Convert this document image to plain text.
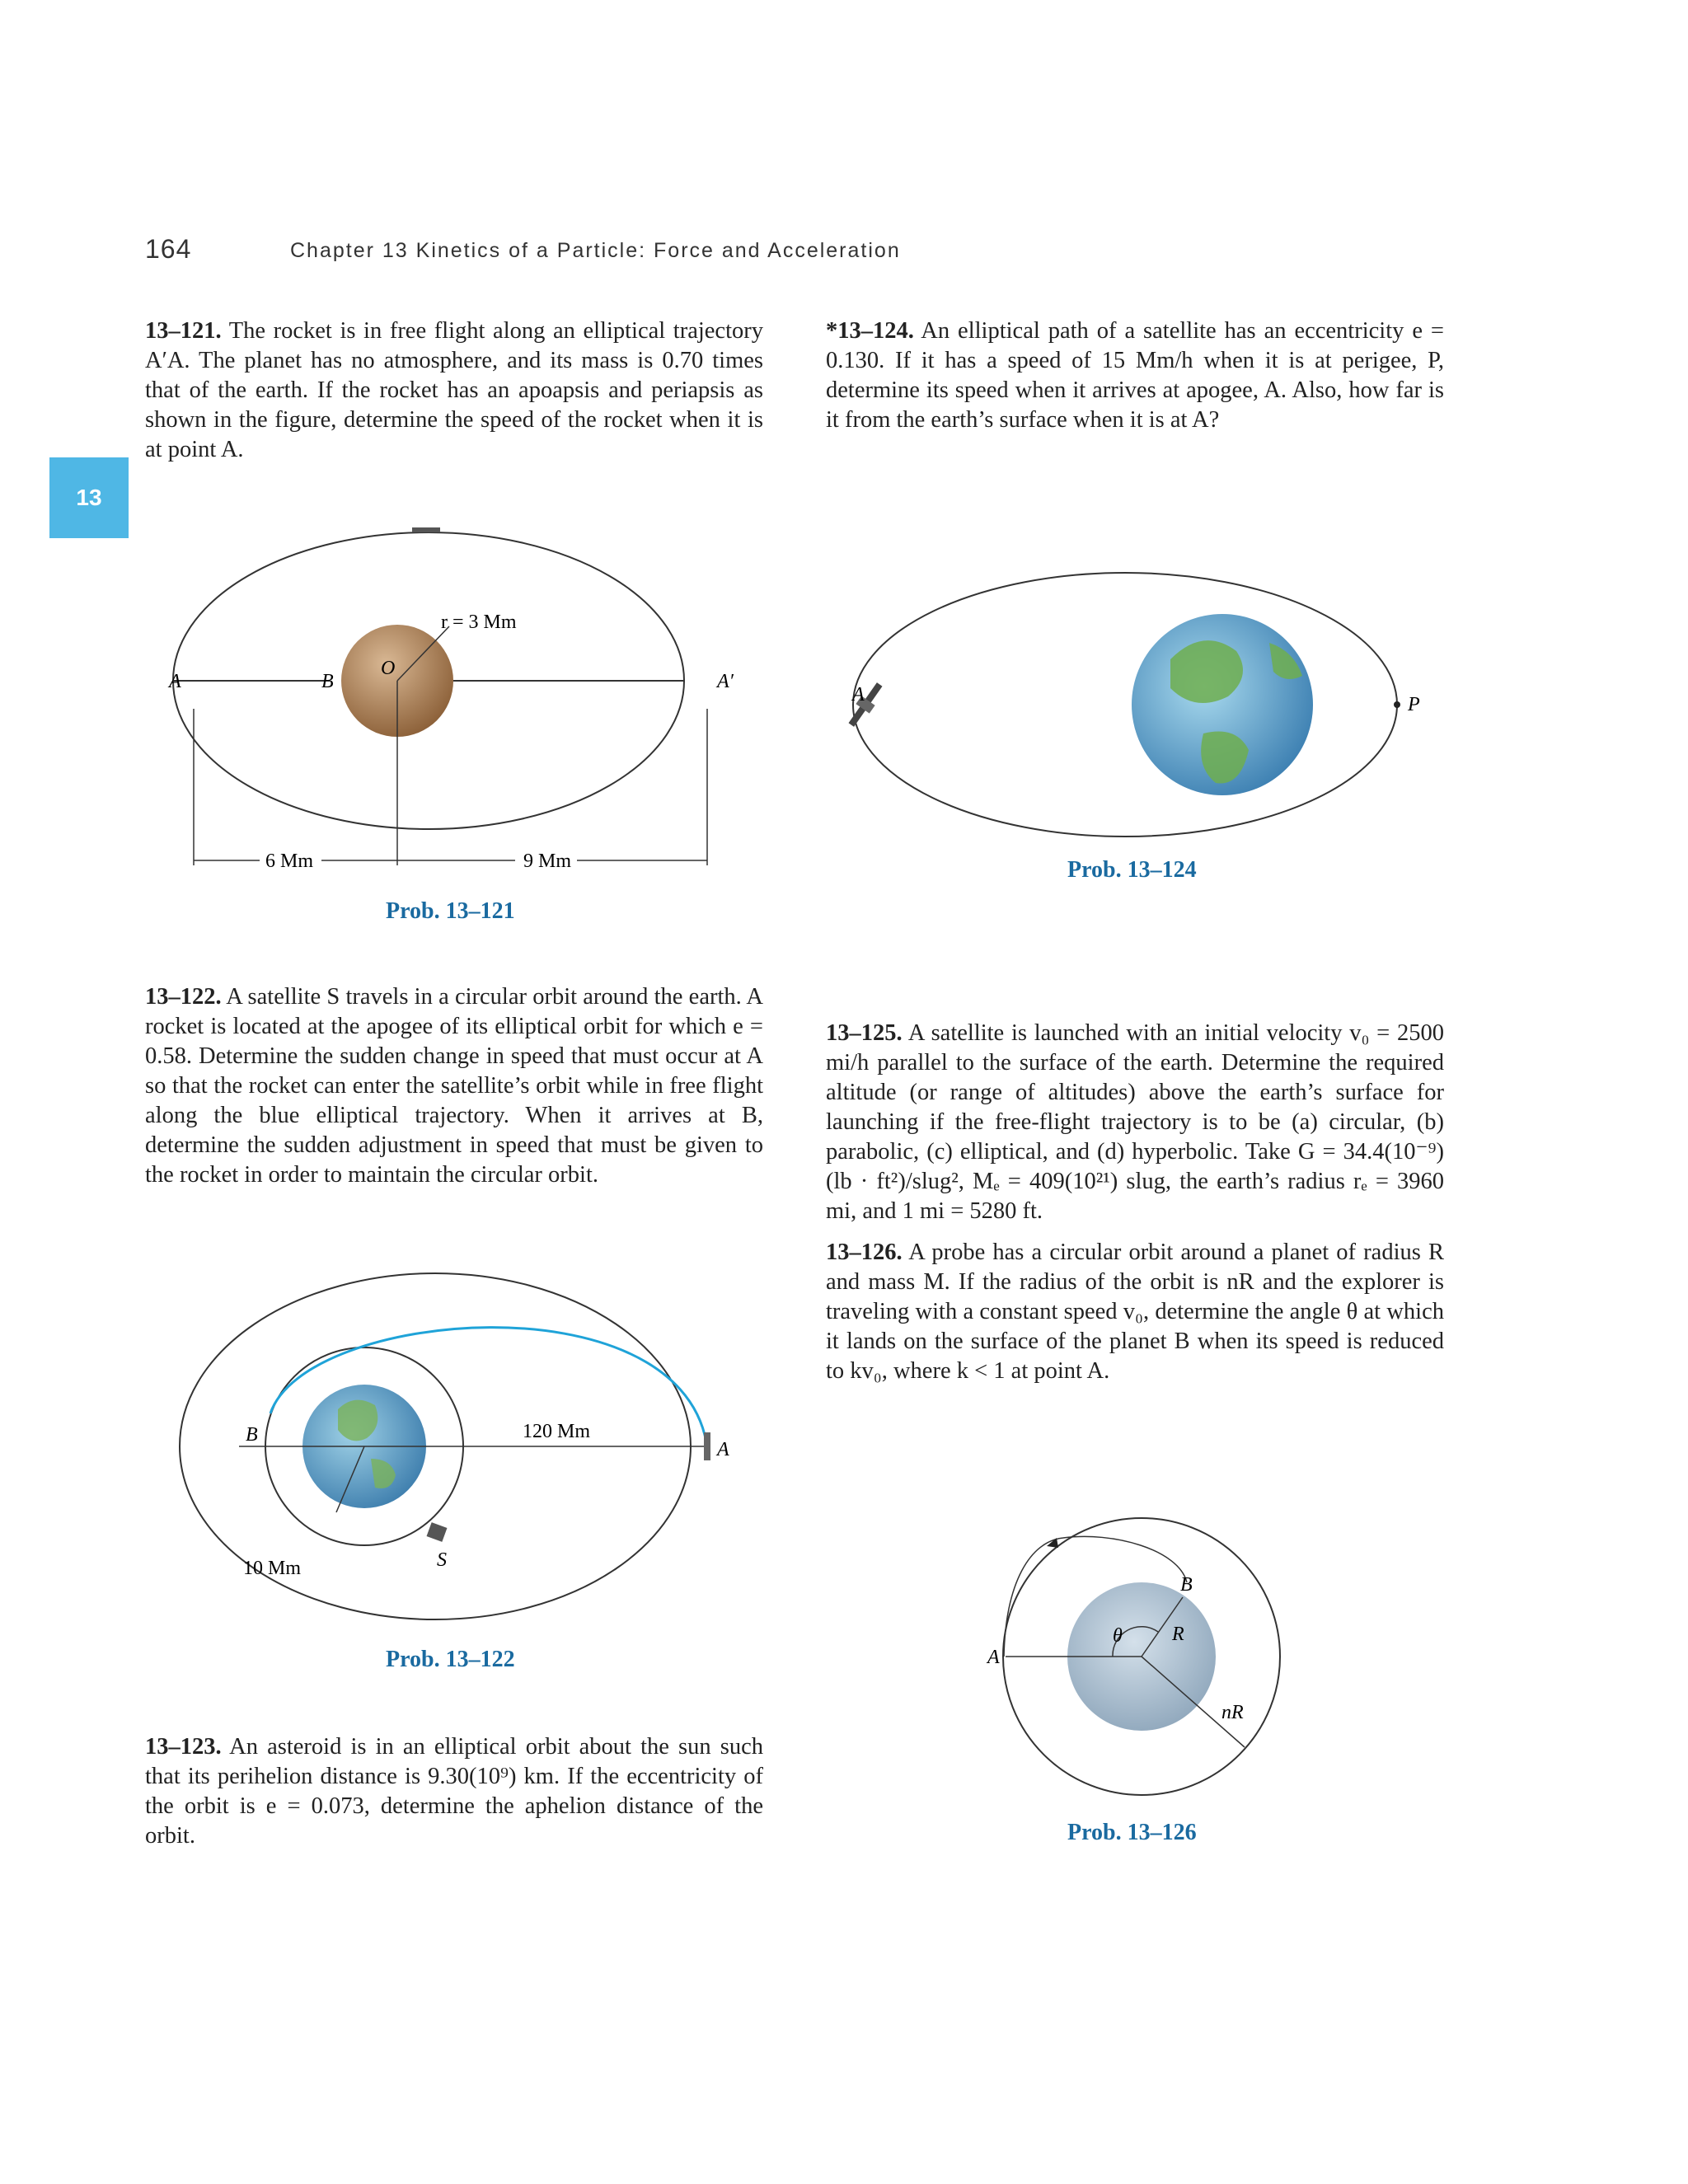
164	Chapter 13 Kinetics of a Particle: Force and Acceleration
13
13–121. The rocket is in free flight along an elliptical trajectory A′A. The planet has no atmosphere, and its mass is 0.70 times that of the earth. If the rocket has an apoapsis and periapsis as shown in the figure, determine the speed of the rocket when it is at point A.
A	B
O
A′
r = 3 Mm
6 Mm	9 Mm
Prob. 13–121
13–122. A satellite S travels in a circular orbit around the earth. A rocket is located at the apogee of its elliptical orbit for which e = 0.58. Determine the sudden change in speed that must occur at A so that the rocket can enter the satellite’s orbit while in free flight along the blue elliptical trajectory. When it arrives at B, determine the sudden adjustment in speed that must be given to the rocket in order to maintain the circular orbit.
B
A
S
120 Mm
10 Mm
Prob. 13–122
13–123. An asteroid is in an elliptical orbit about the sun such that its perihelion distance is 9.30(10⁹) km. If the eccentricity of the orbit is e = 0.073, determine the aphelion distance of the orbit.
*13–124. An elliptical path of a satellite has an eccentricity e = 0.130. If it has a speed of 15 Mm/h when it is at perigee, P, determine its speed when it arrives at apogee, A. Also, how far is it from the earth’s surface when it is at A?
A	P
Prob. 13–124
13–125. A satellite is launched with an initial velocity v₀ = 2500 mi/h parallel to the surface of the earth. Determine the required altitude (or range of altitudes) above the earth’s surface for launching if the free-flight trajectory is to be (a) circular, (b) parabolic, (c) elliptical, and (d) hyperbolic. Take G = 34.4(10⁻⁹)(lb · ft²)/slug², Mₑ = 409(10²¹) slug, the earth’s radius rₑ = 3960 mi, and 1 mi = 5280 ft.
13–126. A probe has a circular orbit around a planet of radius R and mass M. If the radius of the orbit is nR and the explorer is traveling with a constant speed v₀, determine the angle θ at which it lands on the surface of the planet B when its speed is reduced to kv₀, where k < 1 at point A.
A
B
R
θ
nR
Prob. 13–126
